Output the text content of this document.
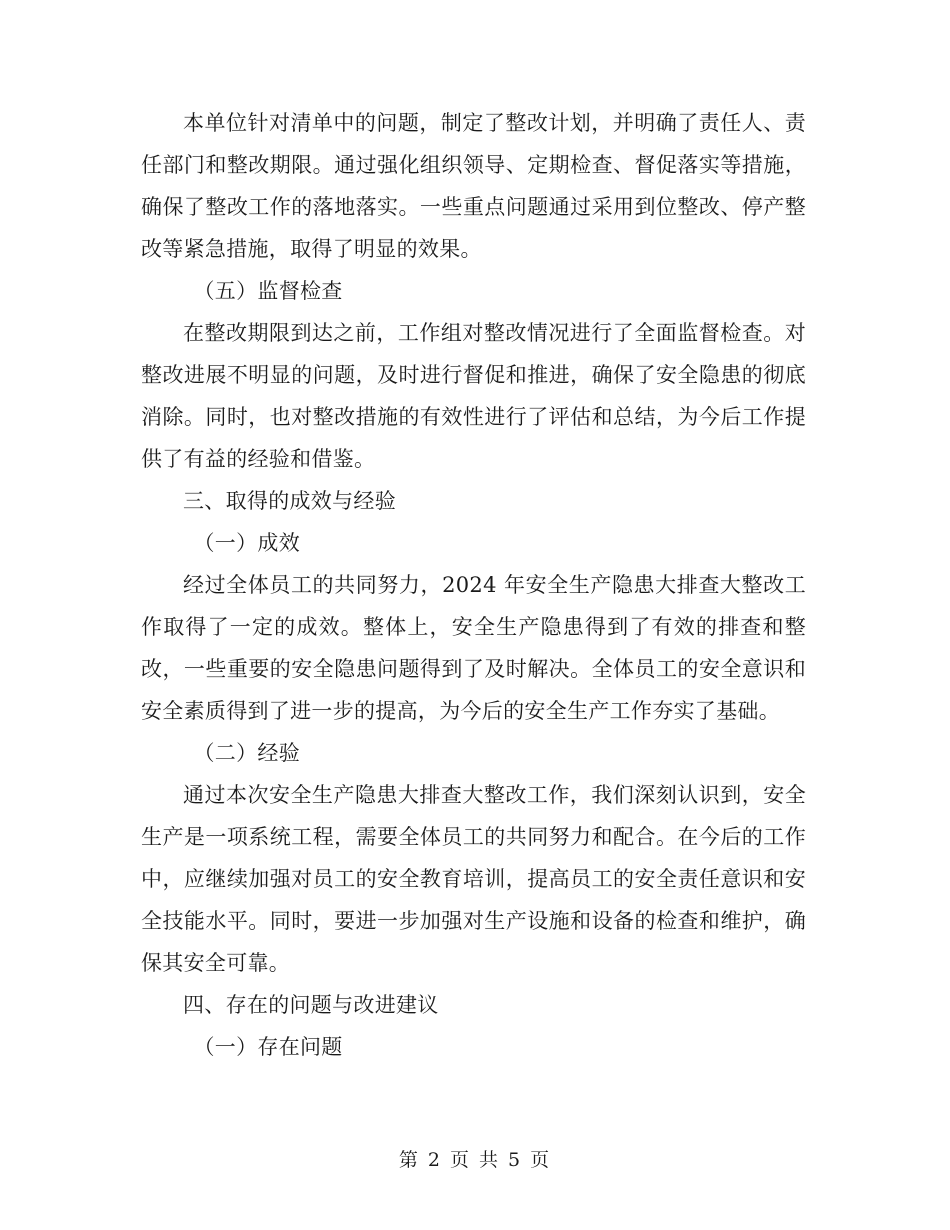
本单位针对清单中的问题，制定了整改计划，并明确了责任人、责任部门和整改期限。通过强化组织领导、定期检查、督促落实等措施，确保了整改工作的落地落实。一些重点问题通过采用到位整改、停产整改等紧急措施，取得了明显的效果。

（五）监督检查

在整改期限到达之前，工作组对整改情况进行了全面监督检查。对整改进展不明显的问题，及时进行督促和推进，确保了安全隐患的彻底消除。同时，也对整改措施的有效性进行了评估和总结，为今后工作提供了有益的经验和借鉴。

三、取得的成效与经验

（一）成效

经过全体员工的共同努力，2024 年安全生产隐患大排查大整改工作取得了一定的成效。整体上，安全生产隐患得到了有效的排查和整改，一些重要的安全隐患问题得到了及时解决。全体员工的安全意识和安全素质得到了进一步的提高，为今后的安全生产工作夯实了基础。

（二）经验

通过本次安全生产隐患大排查大整改工作，我们深刻认识到，安全生产是一项系统工程，需要全体员工的共同努力和配合。在今后的工作中，应继续加强对员工的安全教育培训，提高员工的安全责任意识和安全技能水平。同时，要进一步加强对生产设施和设备的检查和维护，确保其安全可靠。

四、存在的问题与改进建议

（一）存在问题

第 2 页 共 5 页
